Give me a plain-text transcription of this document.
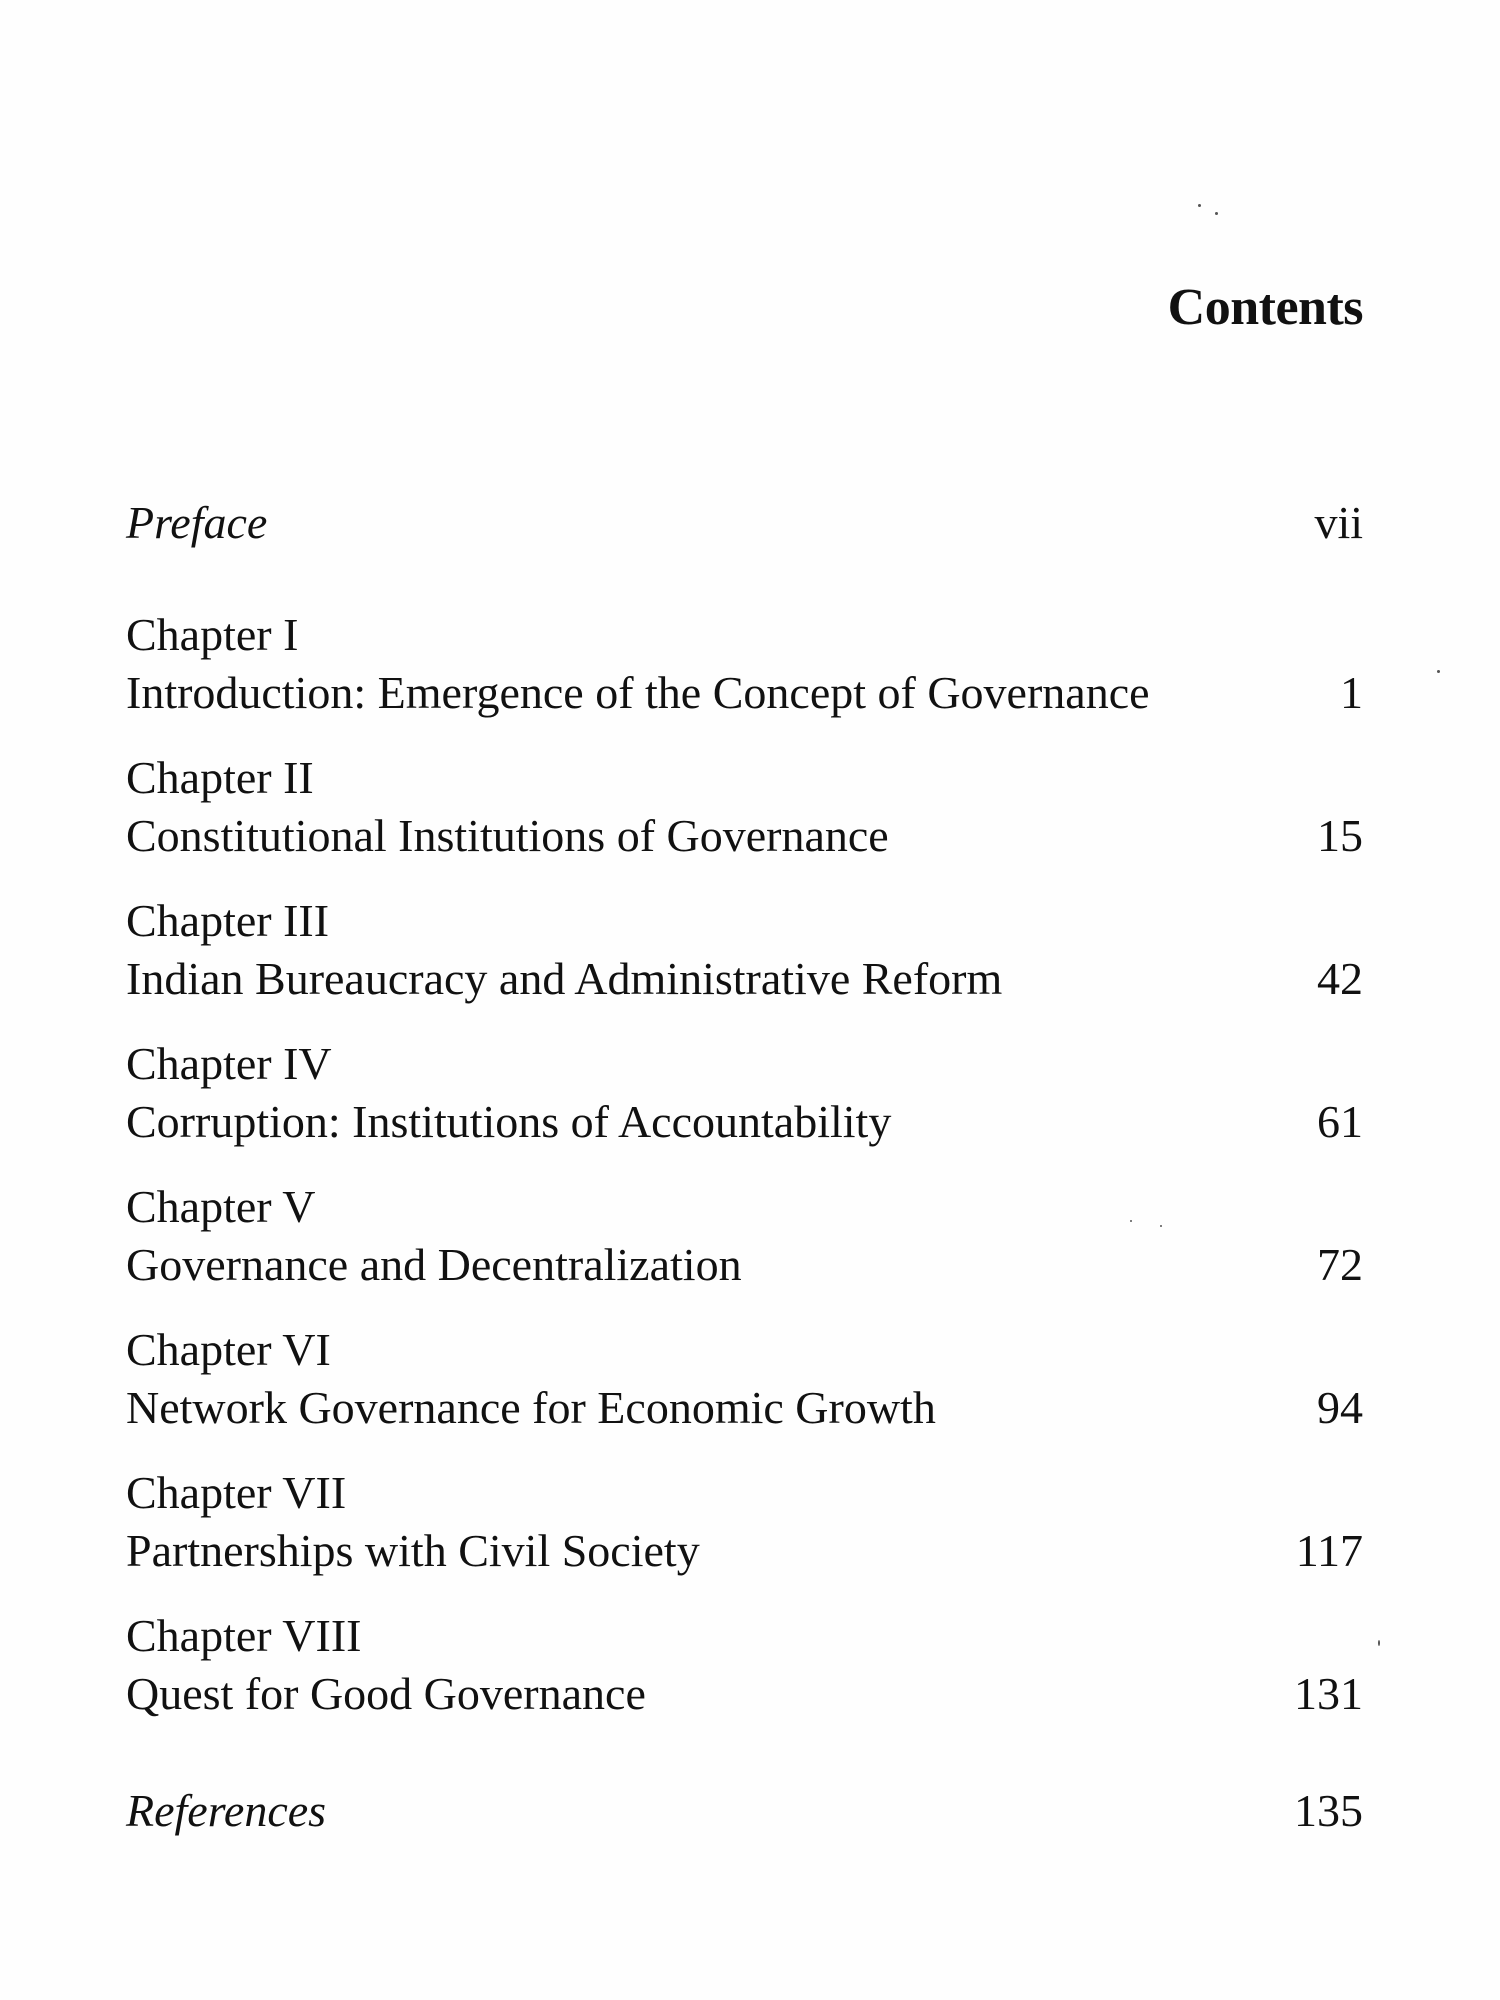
Contents
Preface	vii
Chapter I
Introduction: Emergence of the Concept of Governance	1
Chapter II
Constitutional Institutions of Governance	15
Chapter III
Indian Bureaucracy and Administrative Reform	42
Chapter IV
Corruption: Institutions of Accountability	61
Chapter V
Governance and Decentralization	72
Chapter VI
Network Governance for Economic Growth	94
Chapter VII
Partnerships with Civil Society	117
Chapter VIII
Quest for Good Governance	131
References	135
